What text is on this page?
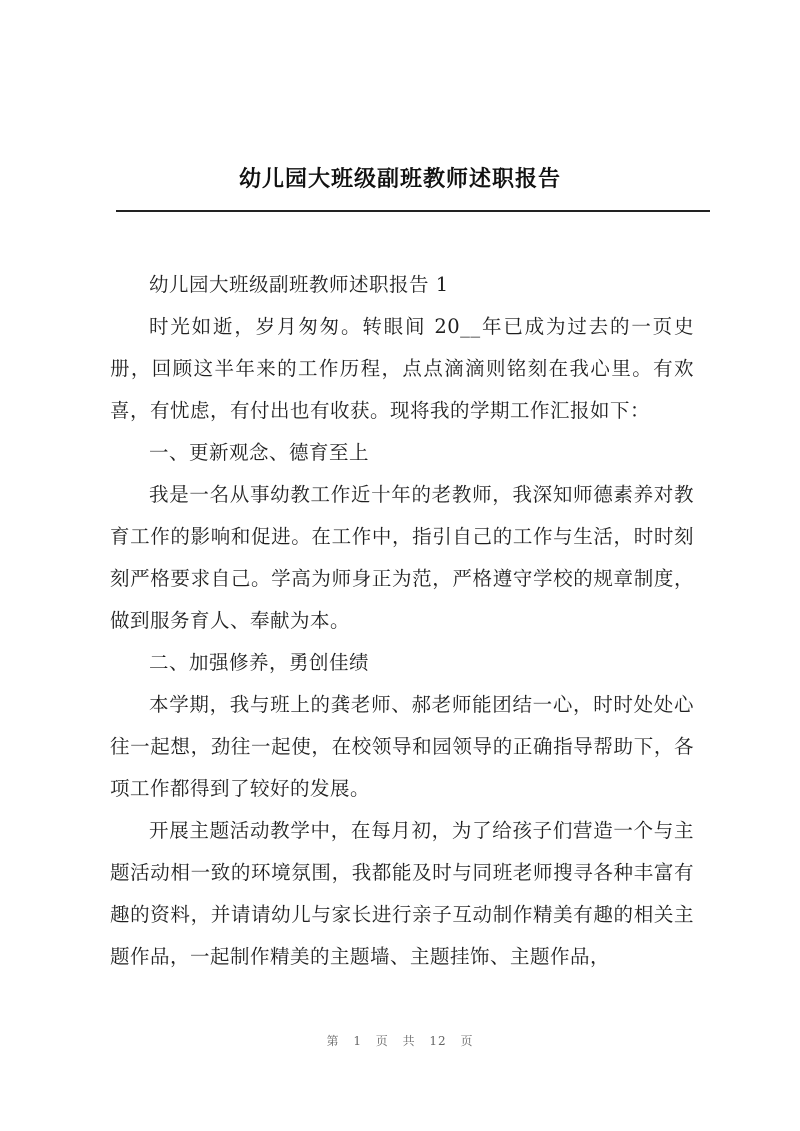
幼儿园大班级副班教师述职报告

幼儿园大班级副班教师述职报告 1

时光如逝，岁月匆匆。转眼间 20__年已成为过去的一页史册，回顾这半年来的工作历程，点点滴滴则铭刻在我心里。有欢喜，有忧虑，有付出也有收获。现将我的学期工作汇报如下：

一、更新观念、德育至上

我是一名从事幼教工作近十年的老教师，我深知师德素养对教育工作的影响和促进。在工作中，指引自己的工作与生活，时时刻刻严格要求自己。学高为师身正为范，严格遵守学校的规章制度，做到服务育人、奉献为本。

二、加强修养，勇创佳绩

本学期，我与班上的龚老师、郝老师能团结一心，时时处处心往一起想，劲往一起使，在校领导和园领导的正确指导帮助下，各项工作都得到了较好的发展。

开展主题活动教学中，在每月初，为了给孩子们营造一个与主题活动相一致的环境氛围，我都能及时与同班老师搜寻各种丰富有趣的资料，并请请幼儿与家长进行亲子互动制作精美有趣的相关主题作品，一起制作精美的主题墙、主题挂饰、主题作品，

第 1 页 共 12 页
